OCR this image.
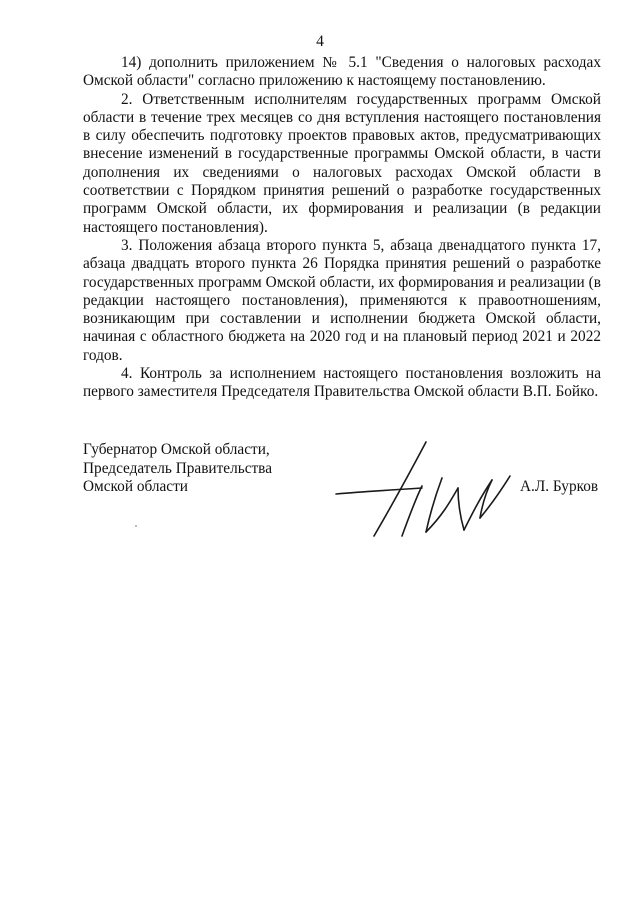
4

14) дополнить приложением № 5.1 "Сведения о налоговых расходах Омской области" согласно приложению к настоящему постановлению.

2. Ответственным исполнителям государственных программ Омской области в течение трех месяцев со дня вступления настоящего постановления в силу обеспечить подготовку проектов правовых актов, предусматривающих внесение изменений в государственные программы Омской области, в части дополнения их сведениями о налоговых расходах Омской области в соответствии с Порядком принятия решений о разработке государственных программ Омской области, их формирования и реализации (в редакции настоящего постановления).

3. Положения абзаца второго пункта 5, абзаца двенадцатого пункта 17, абзаца двадцать второго пункта 26 Порядка принятия решений о разработке государственных программ Омской области, их формирования и реализации (в редакции настоящего постановления), применяются к правоотношениям, возникающим при составлении и исполнении бюджета Омской области, начиная с областного бюджета на 2020 год и на плановый период 2021 и 2022 годов.

4. Контроль за исполнением настоящего постановления возложить на первого заместителя Председателя Правительства Омской области В.П. Бойко.

Губернатор Омской области,
Председатель Правительства
Омской области	А.Л. Бурков
